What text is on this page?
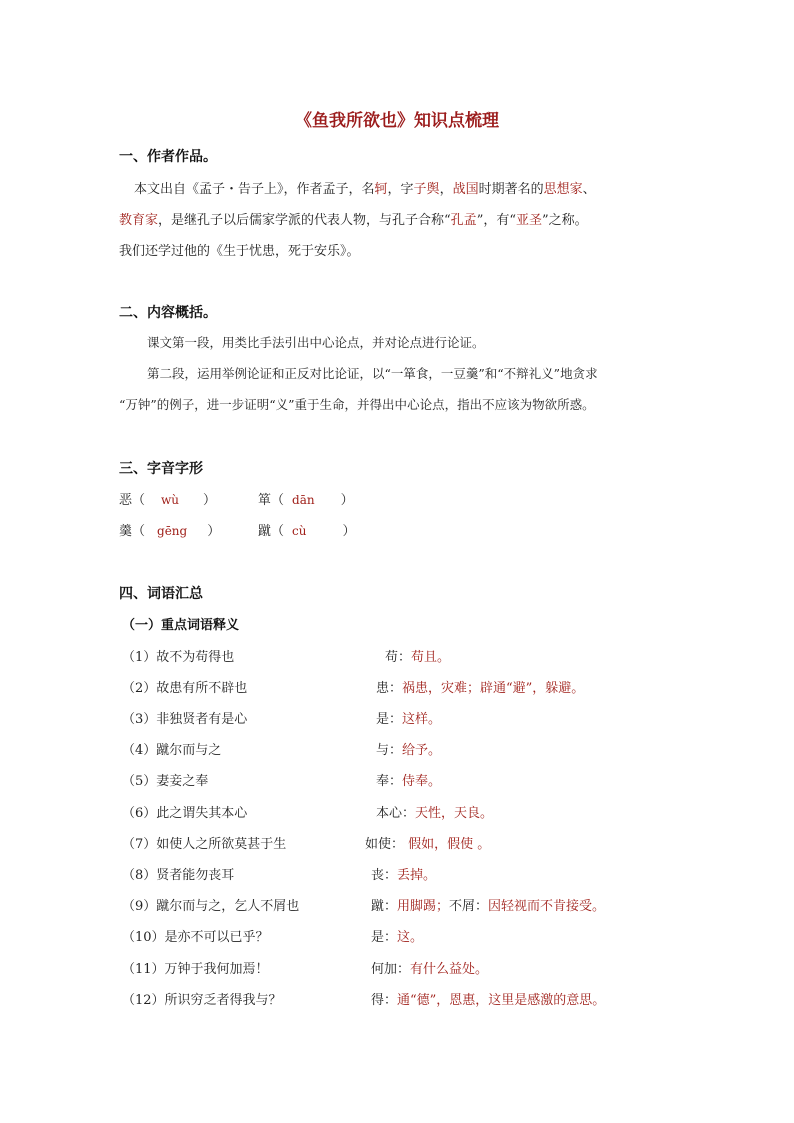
《鱼我所欲也》知识点梳理
一、作者作品。
本文出自《孟子・告子上》，作者孟子，名轲，字子舆，战国时期著名的思想家、
教育家，是继孔子以后儒家学派的代表人物，与孔子合称“孔孟”，有“亚圣”之称。
我们还学过他的《生于忧患，死于安乐》。
二、内容概括。
课文第一段，用类比手法引出中心论点，并对论点进行论证。
第二段，运用举例论证和正反对比论证，以“一箪食，一豆羹”和“不辩礼义”地贪求
“万钟”的例子，进一步证明“义”重于生命，并得出中心论点，指出不应该为物欲所惑。
三、字音字形
恶（ wù ）	箪（ dān ）
羹（ gēng ）	蹴（ cù	）
四、词语汇总
（一）重点词语释义
（1）故不为苟得也	苟：苟且。
（2）故患有所不辟也	患：祸患，灾难；辟通“避”，躲避。
（3）非独贤者有是心	是：这样。
（4）蹴尔而与之	与：给予。
（5）妻妾之奉	奉：侍奉。
（6）此之谓失其本心	本心：天性，天良。
（7）如使人之所欲莫甚于生	如使： 假如，假使 。
（8）贤者能勿丧耳	丧：丢掉。
（9）蹴尔而与之，乞人不屑也	蹴：用脚踢；不屑：因轻视而不肯接受。
（10）是亦不可以已乎？	是：这。
（11）万钟于我何加焉！	何加：有什么益处。
（12）所识穷乏者得我与？	得：通“德”，恩惠，这里是感激的意思。
